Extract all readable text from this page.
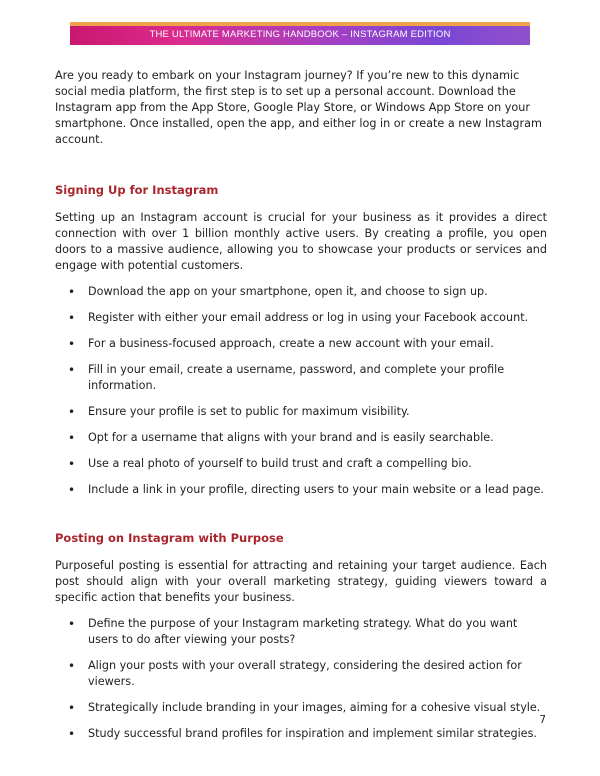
THE ULTIMATE MARKETING HANDBOOK – INSTAGRAM EDITION

Are you ready to embark on your Instagram journey? If you’re new to this dynamic social media platform, the first step is to set up a personal account. Download the Instagram app from the App Store, Google Play Store, or Windows App Store on your smartphone. Once installed, open the app, and either log in or create a new Instagram account.

Signing Up for Instagram

Setting up an Instagram account is crucial for your business as it provides a direct connection with over 1 billion monthly active users. By creating a profile, you open doors to a massive audience, allowing you to showcase your products or services and engage with potential customers.

• Download the app on your smartphone, open it, and choose to sign up.
• Register with either your email address or log in using your Facebook account.
• For a business-focused approach, create a new account with your email.
• Fill in your email, create a username, password, and complete your profile information.
• Ensure your profile is set to public for maximum visibility.
• Opt for a username that aligns with your brand and is easily searchable.
• Use a real photo of yourself to build trust and craft a compelling bio.
• Include a link in your profile, directing users to your main website or a lead page.
Posting on Instagram with Purpose

Purposeful posting is essential for attracting and retaining your target audience. Each post should align with your overall marketing strategy, guiding viewers toward a specific action that benefits your business.

• Define the purpose of your Instagram marketing strategy. What do you want users to do after viewing your posts?
• Align your posts with your overall strategy, considering the desired action for viewers.
• Strategically include branding in your images, aiming for a cohesive visual style.
• Study successful brand profiles for inspiration and implement similar strategies.
7
